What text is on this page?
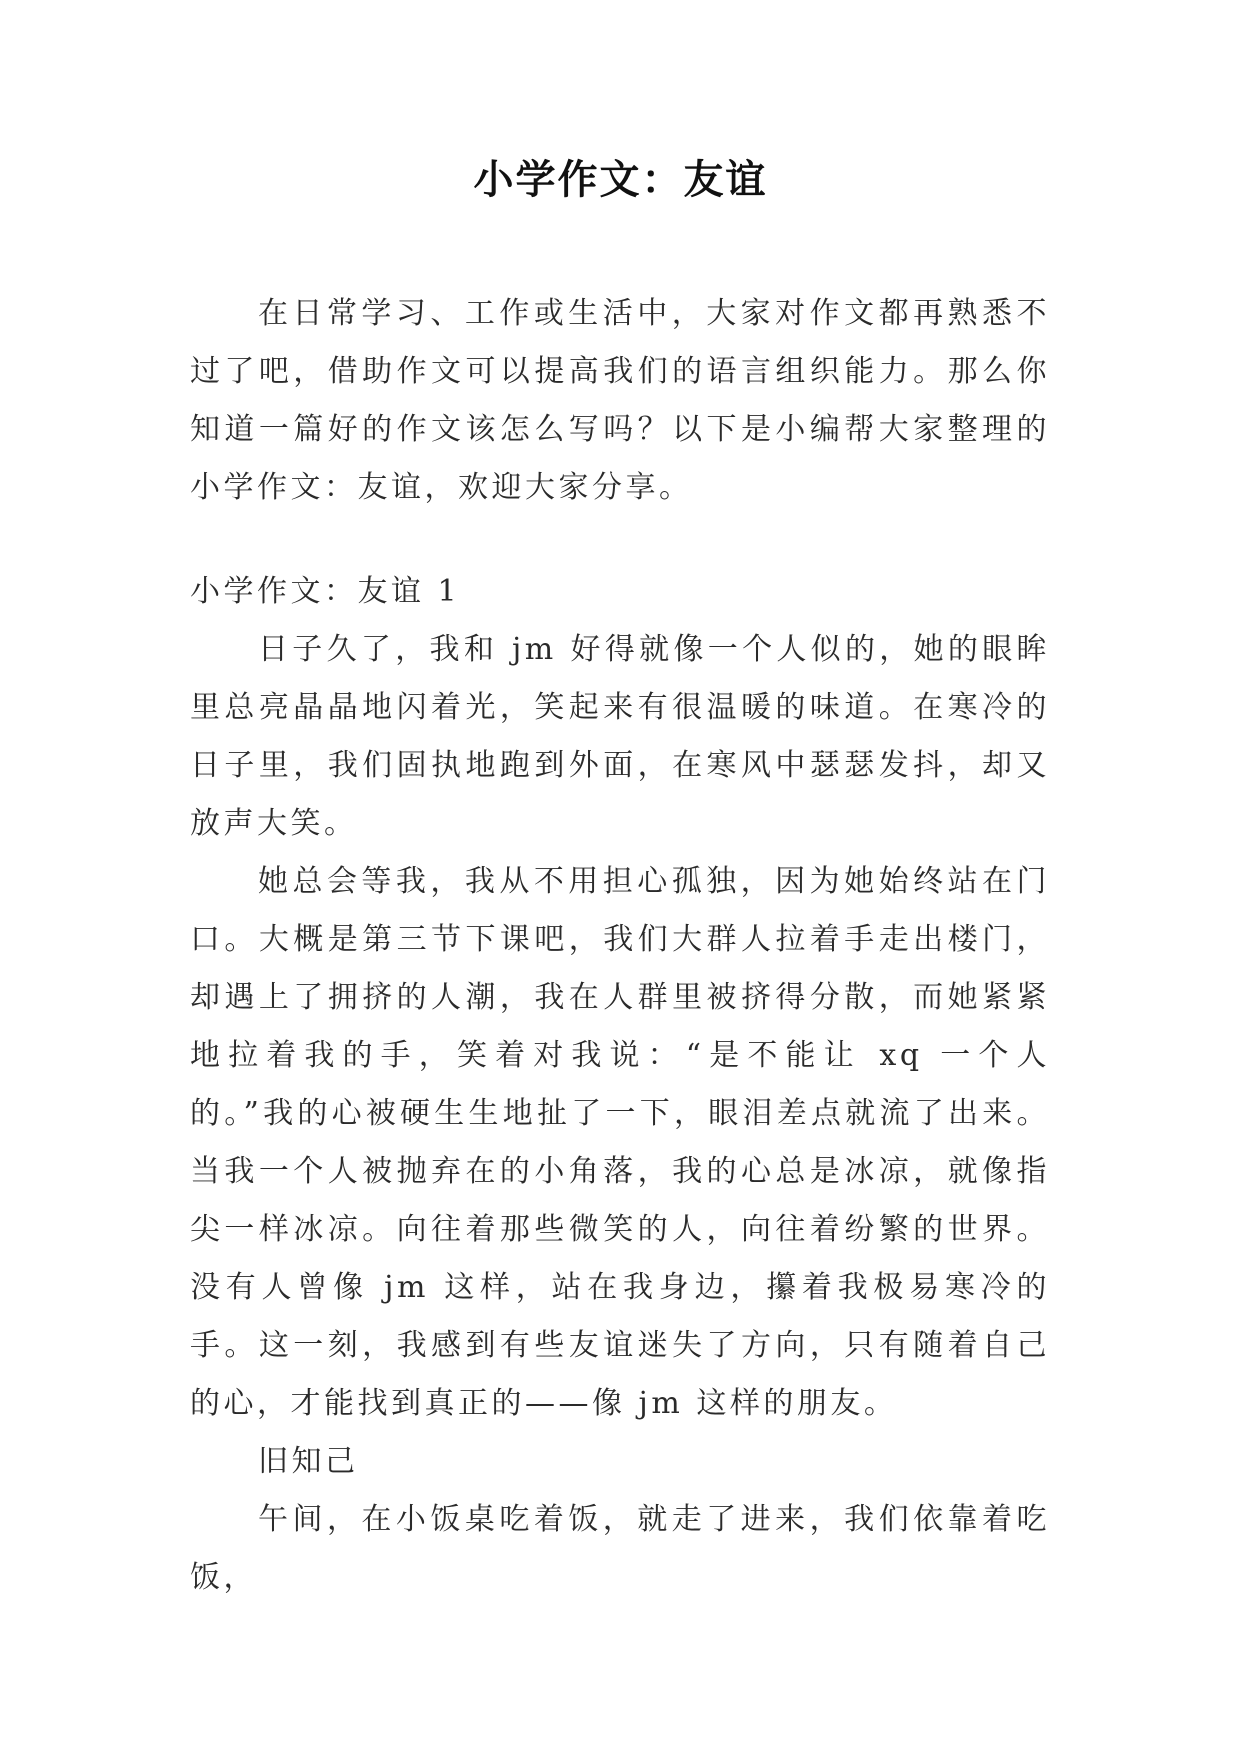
小学作文：友谊

在日常学习、工作或生活中，大家对作文都再熟悉不过了吧，借助作文可以提高我们的语言组织能力。那么你知道一篇好的作文该怎么写吗？以下是小编帮大家整理的小学作文：友谊，欢迎大家分享。

小学作文：友谊 1

日子久了，我和 jm 好得就像一个人似的，她的眼眸里总亮晶晶地闪着光，笑起来有很温暖的味道。在寒冷的日子里，我们固执地跑到外面，在寒风中瑟瑟发抖，却又放声大笑。

她总会等我，我从不用担心孤独，因为她始终站在门口。大概是第三节下课吧，我们大群人拉着手走出楼门，却遇上了拥挤的人潮，我在人群里被挤得分散，而她紧紧地拉着我的手，笑着对我说：“是不能让 xq 一个人的。”我的心被硬生生地扯了一下，眼泪差点就流了出来。当我一个人被抛弃在的小角落，我的心总是冰凉，就像指尖一样冰凉。向往着那些微笑的人，向往着纷繁的世界。没有人曾像 jm 这样，站在我身边，攥着我极易寒冷的手。这一刻，我感到有些友谊迷失了方向，只有随着自己的心，才能找到真正的——像 jm 这样的朋友。

旧知己

午间，在小饭桌吃着饭，就走了进来，我们依靠着吃饭，
